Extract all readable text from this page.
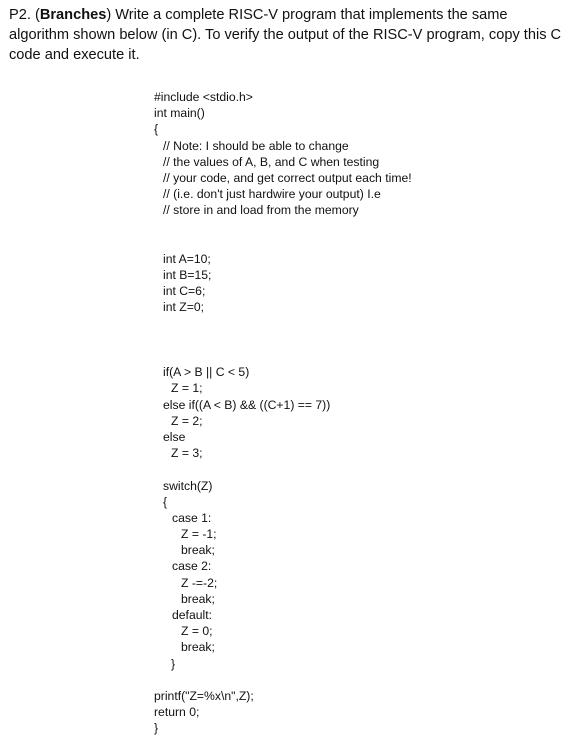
P2. (Branches) Write a complete RISC-V program that implements the same algorithm shown below (in C). To verify the output of the RISC-V program, copy this C code and execute it.

#include <stdio.h>
int main()
{
// Note: I should be able to change
// the values of A, B, and C when testing
// your code, and get correct output each time!
// (i.e. don't just hardwire your output) I.e
// store in and load from the memory
int A=10;
int B=15;
int C=6;
int Z=0;
if(A > B || C < 5)
Z = 1;
else if((A < B) && ((C+1) == 7))
Z = 2;
else
Z = 3;
switch(Z)
{
case 1:
Z = -1;
break;
case 2:
Z -=-2;
break;
default:
Z = 0;
break;
}
printf("Z=%x\n",Z);
return 0;
}
